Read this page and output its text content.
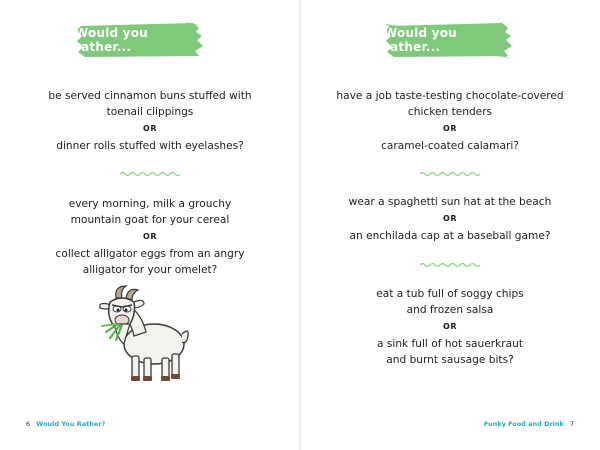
Would you rather...

be served cinnamon buns stuffed with

toenail clippings

OR

dinner rolls stuffed with eyelashes?

every morning, milk a grouchy

mountain goat for your cereal

OR

collect alligator eggs from an angry

alligator for your omelet?

6 Would You Rather?
Would you rather...

have a job taste-testing chocolate-covered

chicken tenders

OR

caramel-coated calamari?

wear a spaghetti sun hat at the beach

OR

an enchilada cap at a baseball game?

eat a tub full of soggy chips

and frozen salsa

OR

a sink full of hot sauerkraut

and burnt sausage bits?

Funky Food and Drink 7
